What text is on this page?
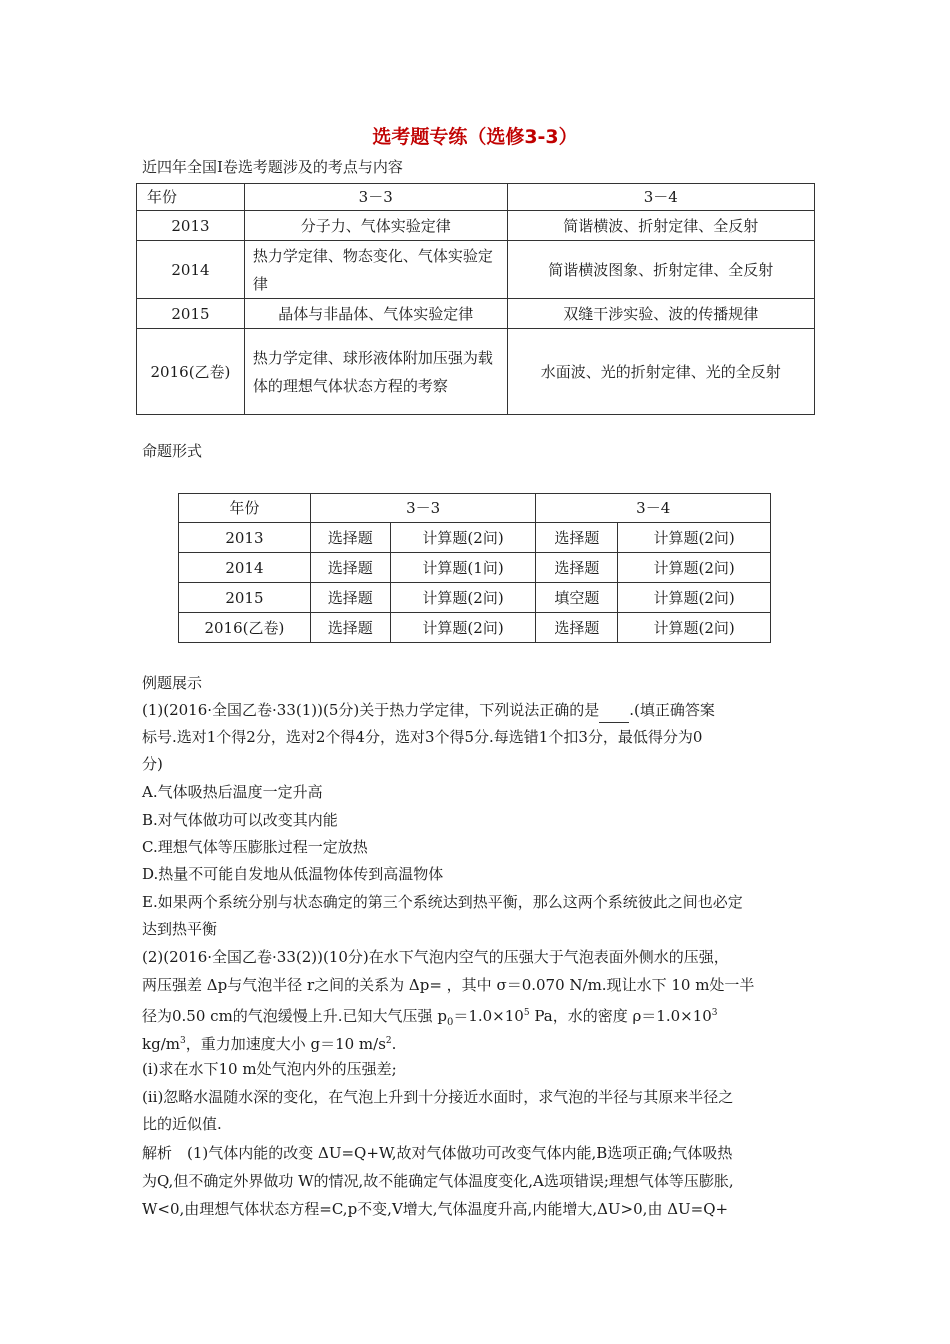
选考题专练（选修3-3）
近四年全国Ⅰ卷选考题涉及的考点与内容
年份	3－3	3－4
2013	分子力、气体实验定律	简谐横波、折射定律、全反射
2014	热力学定律、物态变化、气体实验定律	简谐横波图象、折射定律、全反射
2015	晶体与非晶体、气体实验定律	双缝干涉实验、波的传播规律
2016(乙卷)	热力学定律、球形液体附加压强为载体的理想气体状态方程的考察	水面波、光的折射定律、光的全反射
命题形式
年份	3－3		3－4	
2013	选择题	计算题(2问)	选择题	计算题(2问)
2014	选择题	计算题(1问)	选择题	计算题(2问)
2015	选择题	计算题(2问)	填空题	计算题(2问)
2016(乙卷)	选择题	计算题(2问)	选择题	计算题(2问)
例题展示
(1)(2016·全国乙卷·33(1))(5分)关于热力学定律，下列说法正确的是 .(填正确答案
标号.选对1个得2分，选对2个得4分，选对3个得5分.每选错1个扣3分，最低得分为0
分)
A.气体吸热后温度一定升高
B.对气体做功可以改变其内能
C.理想气体等压膨胀过程一定放热
D.热量不可能自发地从低温物体传到高温物体
E.如果两个系统分别与状态确定的第三个系统达到热平衡，那么这两个系统彼此之间也必定
达到热平衡
(2)(2016·全国乙卷·33(2))(10分)在水下气泡内空气的压强大于气泡表面外侧水的压强，
两压强差 Δp与气泡半径 r之间的关系为 Δp= ，其中 σ＝0.070 N/m.现让水下 10 m处一半
径为0.50 cm的气泡缓慢上升.已知大气压强 $p_0=1.0\times 10^5$ Pa，水的密度 $\rho=1.0\times 10^3$
$kg/m^3$，重力加速度大小 g＝10 $m/s^2$.
(ⅰ)求在水下10 m处气泡内外的压强差;
(ⅱ)忽略水温随水深的变化，在气泡上升到十分接近水面时，求气泡的半径与其原来半径之
比的近似值.
解析　(1)气体内能的改变 ΔU=Q+W,故对气体做功可改变气体内能,B选项正确;气体吸热
为Q,但不确定外界做功 W的情况,故不能确定气体温度变化,A选项错误;理想气体等压膨胀,
W<0,由理想气体状态方程=C,p不变,V增大,气体温度升高,内能增大,ΔU>0,由 ΔU=Q+
